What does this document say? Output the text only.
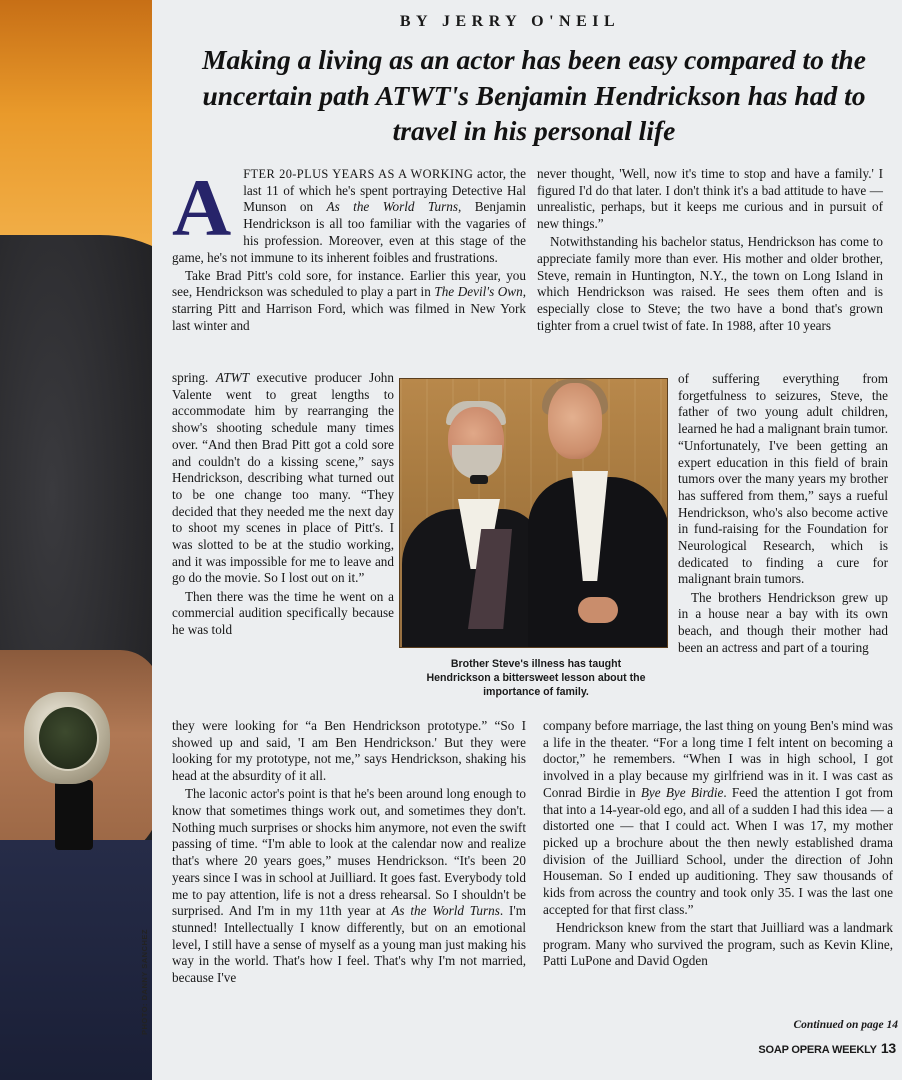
PHOTO: DANNY SANCHEZ
BY JERRY O'NEIL
Making a living as an actor has been easy compared to the uncertain path ATWT's Benjamin Hendrickson has had to travel in his personal life

AFTER 20-PLUS YEARS AS A WORKING actor, the last 11 of which he's spent portraying Detective Hal Munson on As the World Turns, Benjamin Hendrickson is all too familiar with the vagaries of his profession. Moreover, even at this stage of the game, he's not immune to its inherent foibles and frustrations.

Take Brad Pitt's cold sore, for instance. Earlier this year, you see, Hendrickson was scheduled to play a part in The Devil's Own, starring Pitt and Harrison Ford, which was filmed in New York last winter and

spring. ATWT executive producer John Valente went to great lengths to accommodate him by rearranging the show's shooting schedule many times over. “And then Brad Pitt got a cold sore and couldn't do a kissing scene,” says Hendrickson, describing what turned out to be one change too many. “They decided that they needed me the next day to shoot my scenes in place of Pitt's. I was slotted to be at the studio working, and it was impossible for me to leave and go do the movie. So I lost out on it.”

Then there was the time he went on a commercial audition specifically because he was told

they were looking for “a Ben Hendrickson prototype.” “So I showed up and said, 'I am Ben Hendrickson.' But they were looking for my prototype, not me,” says Hendrickson, shaking his head at the absurdity of it all.

The laconic actor's point is that he's been around long enough to know that sometimes things work out, and sometimes they don't. Nothing much surprises or shocks him anymore, not even the swift passing of time. “I'm able to look at the calendar now and realize that's where 20 years goes,” muses Hendrickson. “It's been 20 years since I was in school at Juilliard. It goes fast. Everybody told me to pay attention, life is not a dress rehearsal. So I shouldn't be surprised. And I'm in my 11th year at As the World Turns. I'm stunned! Intellectually I know differently, but on an emotional level, I still have a sense of myself as a young man just making his way in the world. That's how I feel. That's why I'm not married, because I've

Brother Steve's illness has taught Hendrickson a bittersweet lesson about the importance of family.

never thought, 'Well, now it's time to stop and have a family.' I figured I'd do that later. I don't think it's a bad attitude to have — unrealistic, perhaps, but it keeps me curious and in pursuit of new things.”

Notwithstanding his bachelor status, Hendrickson has come to appreciate family more than ever. His mother and older brother, Steve, remain in Huntington, N.Y., the town on Long Island in which Hendrickson was raised. He sees them often and is especially close to Steve; the two have a bond that's grown tighter from a cruel twist of fate. In 1988, after 10 years

of suffering everything from forgetfulness to seizures, Steve, the father of two young adult children, learned he had a malignant brain tumor. “Unfortunately, I've been getting an expert education in this field of brain tumors over the many years my brother has suffered from them,” says a rueful Hendrickson, who's also become active in fund-raising for the Foundation for Neurological Research, which is dedicated to finding a cure for malignant brain tumors.

The brothers Hendrickson grew up in a house near a bay with its own beach, and though their mother had been an actress and part of a touring

company before marriage, the last thing on young Ben's mind was a life in the theater. “For a long time I felt intent on becoming a doctor,” he remembers. “When I was in high school, I got involved in a play because my girlfriend was in it. I was cast as Conrad Birdie in Bye Bye Birdie. Feed the attention I got from that into a 14-year-old ego, and all of a sudden I had this idea — a distorted one — that I could act. When I was 17, my mother picked up a brochure about the then newly established drama division of the Juilliard School, under the direction of John Houseman. So I ended up auditioning. They saw thousands of kids from across the country and took only 35. I was the last one accepted for that first class.”

Hendrickson knew from the start that Juilliard was a landmark program. Many who survived the program, such as Kevin Kline, Patti LuPone and David Ogden

Continued on page 14
SOAP OPERA WEEKLY 13
